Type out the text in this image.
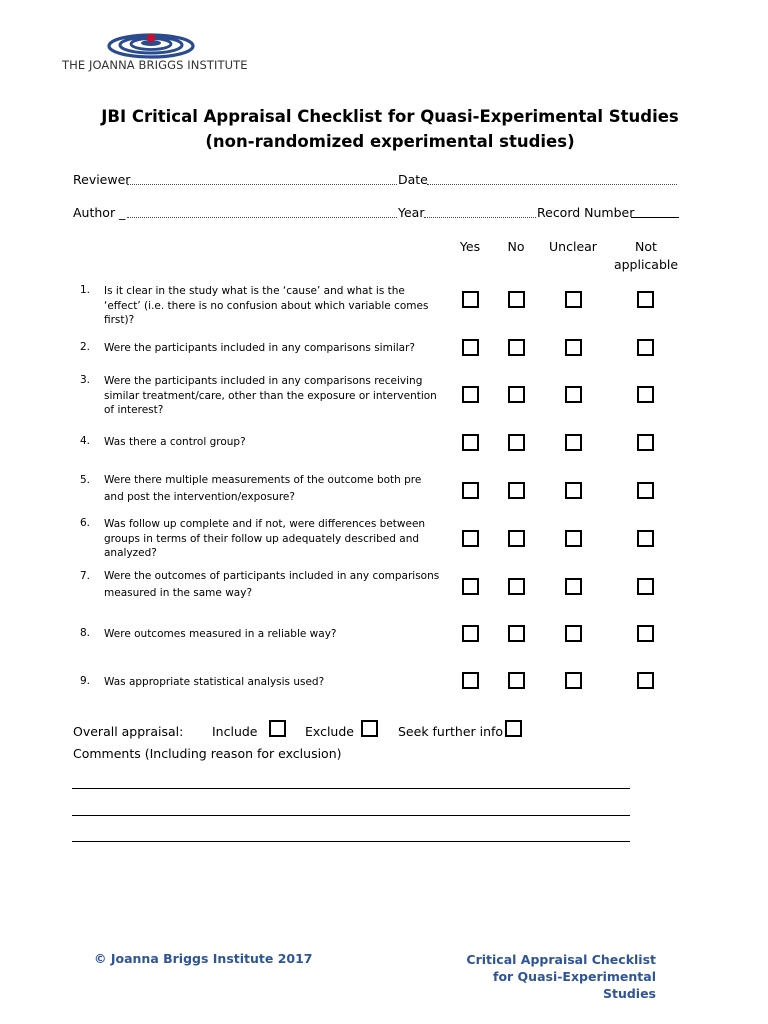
THE JOANNA BRIGGS INSTITUTE
JBI Critical Appraisal Checklist for Quasi-Experimental Studies (non-randomized experimental studies)
Reviewer	Date
Author _	Year	Record Number
Yes	No	Unclear	Not applicable
1.	Is it clear in the study what is the ‘cause’ and what is the ‘effect’ (i.e. there is no confusion about which variable comes first)?
2.	Were the participants included in any comparisons similar?
3.	Were the participants included in any comparisons receiving similar treatment/care, other than the exposure or intervention of interest?
4.	Was there a control group?
5.	Were there multiple measurements of the outcome both pre and post the intervention/exposure?
6.	Was follow up complete and if not, were differences between groups in terms of their follow up adequately described and analyzed?
7.	Were the outcomes of participants included in any comparisons measured in the same way?
8.	Were outcomes measured in a reliable way?
9.	Was appropriate statistical analysis used?
Overall appraisal: Include	Exclude	Seek further info
Comments (Including reason for exclusion)
© Joanna Briggs Institute 2017	Critical Appraisal Checklist
for Quasi-Experimental Studies
